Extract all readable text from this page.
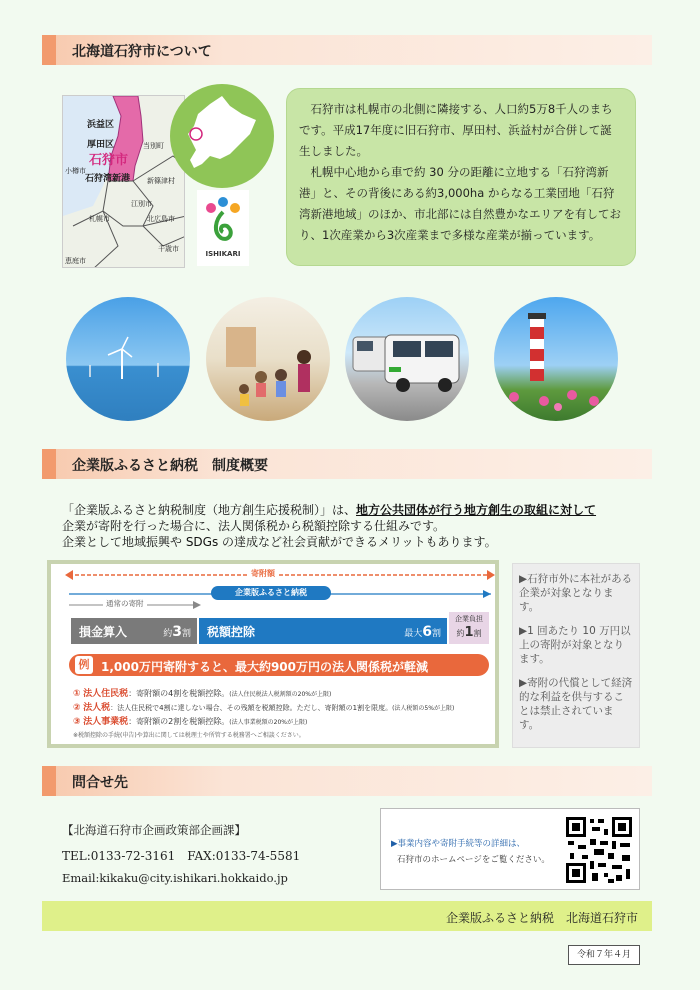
北海道石狩市について
浜益区
厚田区
石狩市
石狩湾新港
当別町
小樽市
新篠津村
江別市
札幌市	北広島市
千歳市
恵庭市
ISHIKARI

石狩市は札幌市の北側に隣接する、人口約5万8千人のまちです。平成17年度に旧石狩市、厚田村、浜益村が合併して誕生しました。

札幌中心地から車で約 30 分の距離に立地する「石狩湾新港」と、その背後にある約3,000ha からなる工業団地「石狩湾新港地域」のほか、市北部には自然豊かなエリアを有しており、1次産業から3次産業まで多様な産業が揃っています。

企業版ふるさと納税　制度概要
「企業版ふるさと納税制度（地方創生応援税制）」は、地方公共団体が行う地方創生の取組に対して
企業が寄附を行った場合に、法人関係税から税額控除する仕組みです。
企業として地域振興や SDGs の達成など社会貢献ができるメリットもあります。
寄附額
企業版ふるさと納税
通常の寄附
損金算入	約3割 税額控除	最大6割
企業負担
約1割
例 1,000万円寄附すると、最大約900万円の法人関係税が軽減
① 法人住民税：寄附額の4割を税額控除。(法人住民税法人税割額の20%が上限)
② 法人税：法人住民税で4割に達しない場合、その残額を税額控除。ただし、寄附額の1割を限度。(法人税額の5%が上限)
③ 法人事業税：寄附額の2割を税額控除。(法人事業税額の20%が上限)
※税額控除の手続(申告)や算出に関しては税理士や所管する税務署へご相談ください。
▶石狩市外に本社がある企業が対象となります。
▶1 回あたり 10 万円以上の寄附が対象となります。
▶寄附の代償として経済的な利益を供与することは禁止されています。
問合せ先
【北海道石狩市企画政策部企画課】
TEL:0133-72-3161　FAX:0133-74-5581
Email:kikaku@city.ishikari.hokkaido.jp
▶事業内容や寄附手続等の詳細は、
石狩市のホームページをご覧ください。
企業版ふるさと納税　北海道石狩市
令和７年４月
